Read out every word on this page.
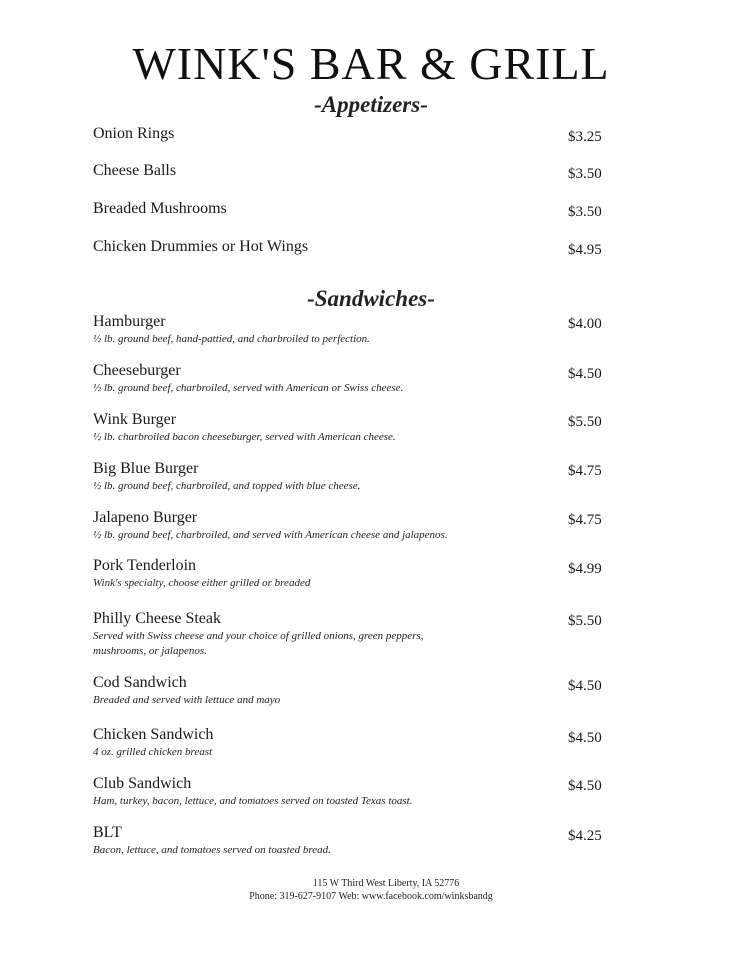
WINK'S BAR & GRILL
-Appetizers-
Onion Rings	$3.25
Cheese Balls	$3.50
Breaded Mushrooms	$3.50
Chicken Drummies or Hot Wings	$4.95
-Sandwiches-
Hamburger
½ lb. ground beef, hand-pattied, and charbroiled to perfection.
$4.00
Cheeseburger
½ lb. ground beef, charbroiled, served with American or Swiss cheese.
$4.50
Wink Burger
½ lb. charbroiled bacon cheeseburger, served with American cheese.
$5.50
Big Blue Burger
½ lb. ground beef, charbroiled, and topped with blue cheese.
$4.75
Jalapeno Burger
½ lb. ground beef, charbroiled, and served with American cheese and jalapenos.
$4.75
Pork Tenderloin
Wink's specialty, choose either grilled or breaded
$4.99
Philly Cheese Steak
Served with Swiss cheese and your choice of grilled onions, green peppers,
mushrooms, or jalapenos.
$5.50
Cod Sandwich
Breaded and served with lettuce and mayo
$4.50
Chicken Sandwich
4 oz. grilled chicken breast
$4.50
Club Sandwich
Ham, turkey, bacon, lettuce, and tomatoes served on toasted Texas toast.
$4.50
BLT
Bacon, lettuce, and tomatoes served on toasted bread.
$4.25
115 W Third West Liberty, IA 52776
Phone: 319-627-9107 Web: www.facebook.com/winksbandg
